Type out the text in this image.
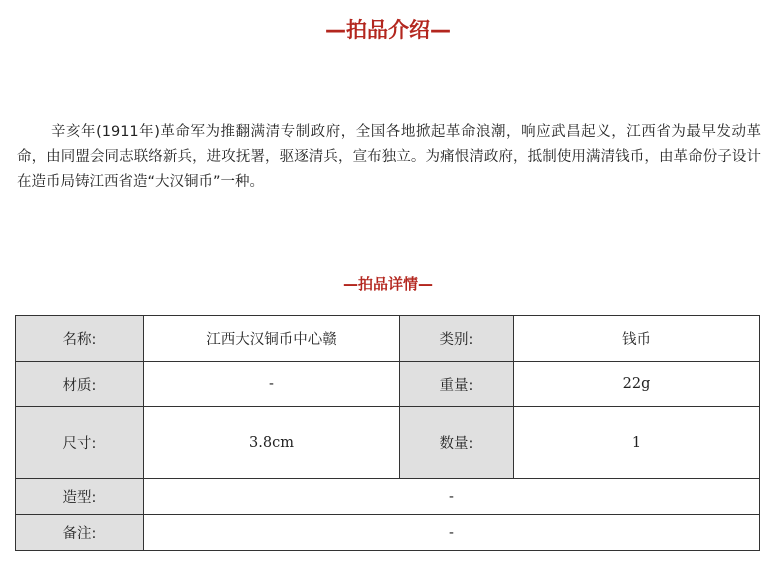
—拍品介绍—

辛亥年(1911年)革命军为推翻满清专制政府，全国各地掀起革命浪潮，响应武昌起义，江西省为最早发动革命，由同盟会同志联络新兵，进攻抚署，驱逐清兵，宣布独立。为痛恨清政府，抵制使用满清钱币，由革命份子设计在造币局铸江西省造“大汉铜币”一种。

—拍品详情—
名称:	江西大汉铜币中心赣	类别:	钱币
材质:	-	重量:	22g
尺寸:	3.8cm	数量:	1
造型:	-		
备注:	-		
